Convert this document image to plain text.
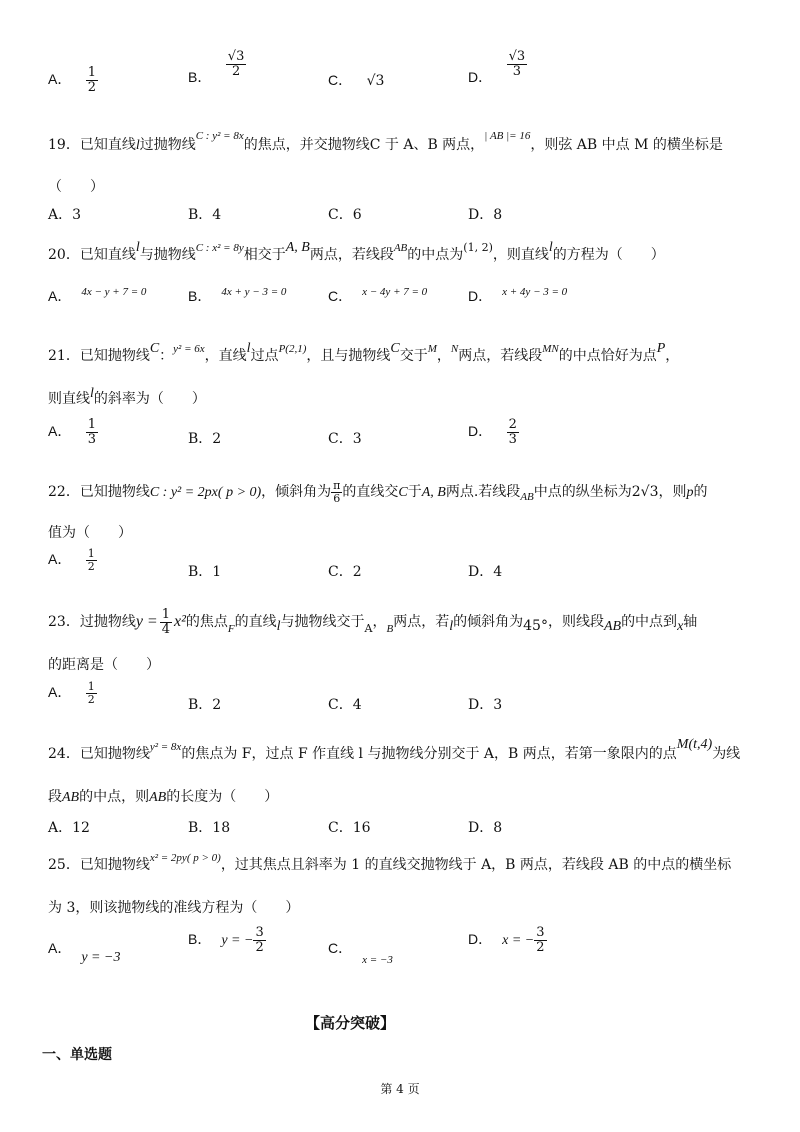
A． $\frac{1}{2}$	B． $\frac{√3}{2}$
C． √3	D． $\frac{√3}{3}$
19．已知直线l过抛物线$^{C : y^2 = 8x}$的焦点，并交抛物线C 于 A、B 两点，$^{| AB |= 16}$，则弦 AB 中点 M 的横坐标是
（　　）
A．3	B．4	C．6	D．8
20．已知直线l与抛物线$^{C : x^2 = 8y}$相交于A, B两点，若线段$^{AB}$的中点为$^{(1, 2)}$，则直线l的方程为（　　）
A． $^{4x - y + 7 = 0}$	B． $^{4x + y - 3 = 0}$	C． $^{x - 4y + 7 = 0}$	D． $^{x + 4y - 3 = 0}$
21．已知抛物线C：$^{y^2 = 6x}$，直线l过点$^{P(2,1)}$，且与抛物线C交于$^M$，$^N$两点，若线段$^{MN}$的中点恰好为点P，
则直线l的斜率为（　　）
A． $\frac{1}{3}$	B．2	C．3	D． $\frac{2}{3}$
22．已知抛物线C : y² = 2px( p > 0)，倾斜角为 $\frac{\pi}{6}$ 的直线交C于A, B两点.若线段$_{AB}$中点的纵坐标为2√3，则p的
值为（　　）
A． $\frac{1}{2}$	B．1	C．2	D．4
23．过抛物线$y = \frac{1}{4} x^2$的焦点$_F$的直线l与抛物线交于$_A$，$_B$两点，若l的倾斜角为45°，则线段AB的中点到x轴
的距离是（　　）
A． $\frac{1}{2}$	B．2	C．4	D．3
24．已知抛物线$^{y^2 = 8x}$的焦点为 F，过点 F 作直线 l 与抛物线分别交于 A，B 两点，若第一象限内的点M(t,4)为线
段AB的中点，则AB的长度为（　　）
A．12	B．18	C．16	D．8
25．已知抛物线$^{x^2 = 2py( p > 0)}$，过其焦点且斜率为 1 的直线交抛物线于 A，B 两点，若线段 AB 的中点的横坐标
为 3，则该抛物线的准线方程为（　　）
A．y = −3
B． y = − $\frac{3}{2}$	C．$_{x = -3}$
D． x = − $\frac{3}{2}$
【高分突破】
一、单选题
第 4 页
